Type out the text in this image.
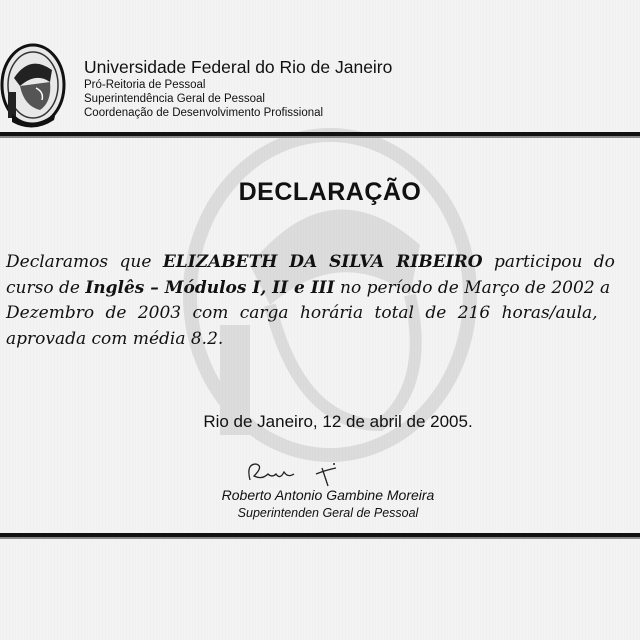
Universidade Federal do Rio de Janeiro
Pró-Reitoria de Pessoal
Superintendência Geral de Pessoal
Coordenação de Desenvolvimento Profissional
DECLARAÇÃO
Declaramos que ELIZABETH DA SILVA RIBEIRO participou do
curso de Inglês – Módulos I, II e III no período de Março de 2002 a
Dezembro de 2003 com carga horária total de 216 horas/aula,
aprovada com média 8.2.
Rio de Janeiro, 12 de abril de 2005.
Roberto Antonio Gambine Moreira
Superintenden Geral de Pessoal
